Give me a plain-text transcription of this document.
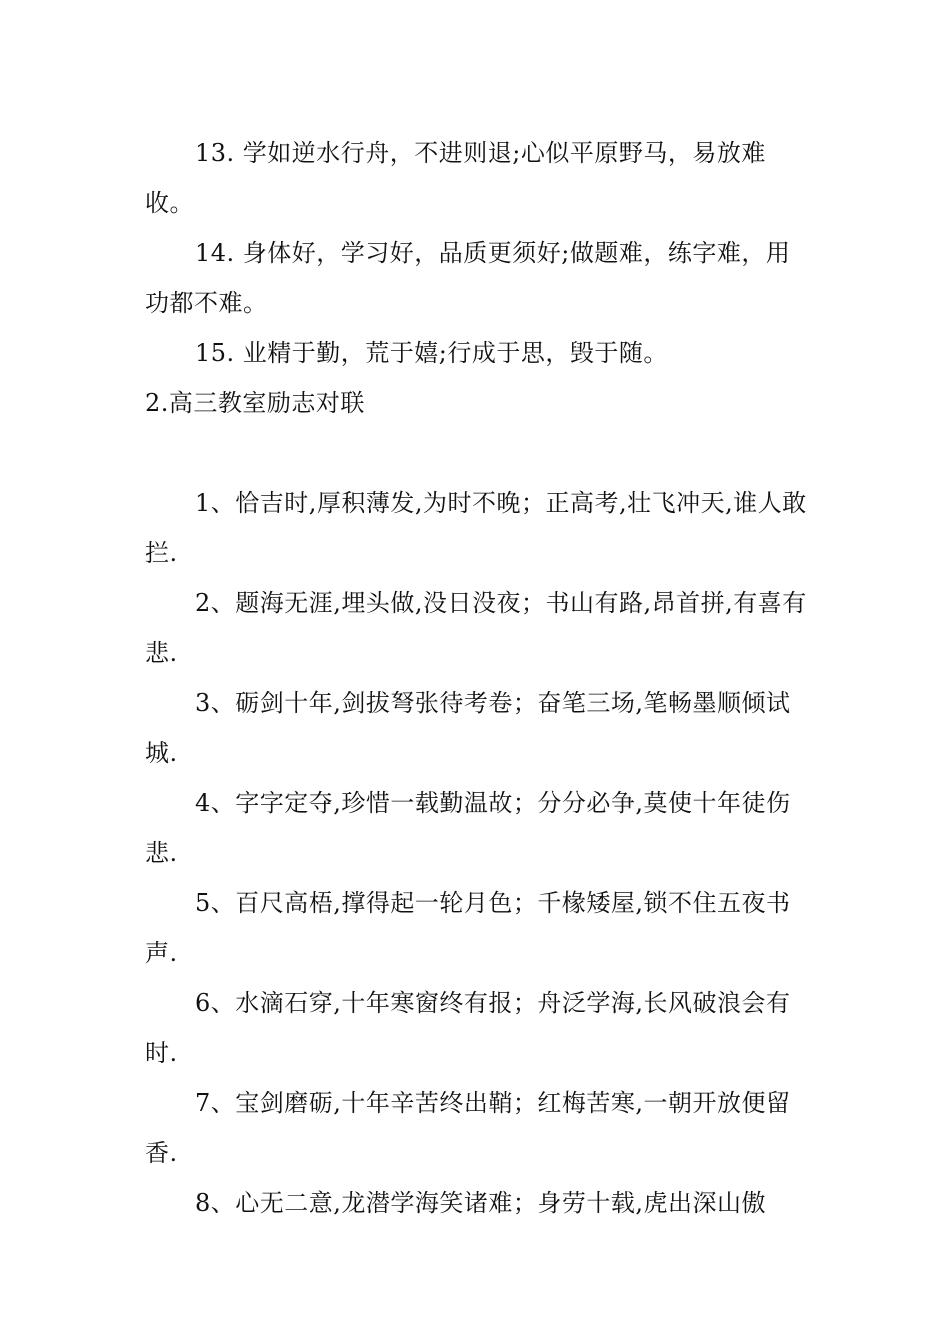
13. 学如逆水行舟，不进则退;心似平原野马，易放难收。

14. 身体好，学习好，品质更须好;做题难，练字难，用功都不难。

15. 业精于勤，荒于嬉;行成于思，毁于随。

2.高三教室励志对联

1、恰吉时,厚积薄发,为时不晚；正高考,壮飞冲天,谁人敢拦.

2、题海无涯,埋头做,没日没夜；书山有路,昂首拼,有喜有悲.

3、砺剑十年,剑拔弩张待考卷；奋笔三场,笔畅墨顺倾试城.

4、字字定夺,珍惜一载勤温故；分分必争,莫使十年徒伤悲.

5、百尺高梧,撑得起一轮月色；千椽矮屋,锁不住五夜书声.

6、水滴石穿,十年寒窗终有报；舟泛学海,长风破浪会有时.

7、宝剑磨砺,十年辛苦终出鞘；红梅苦寒,一朝开放便留香.

8、心无二意,龙潜学海笑诸难；身劳十载,虎出深山傲
